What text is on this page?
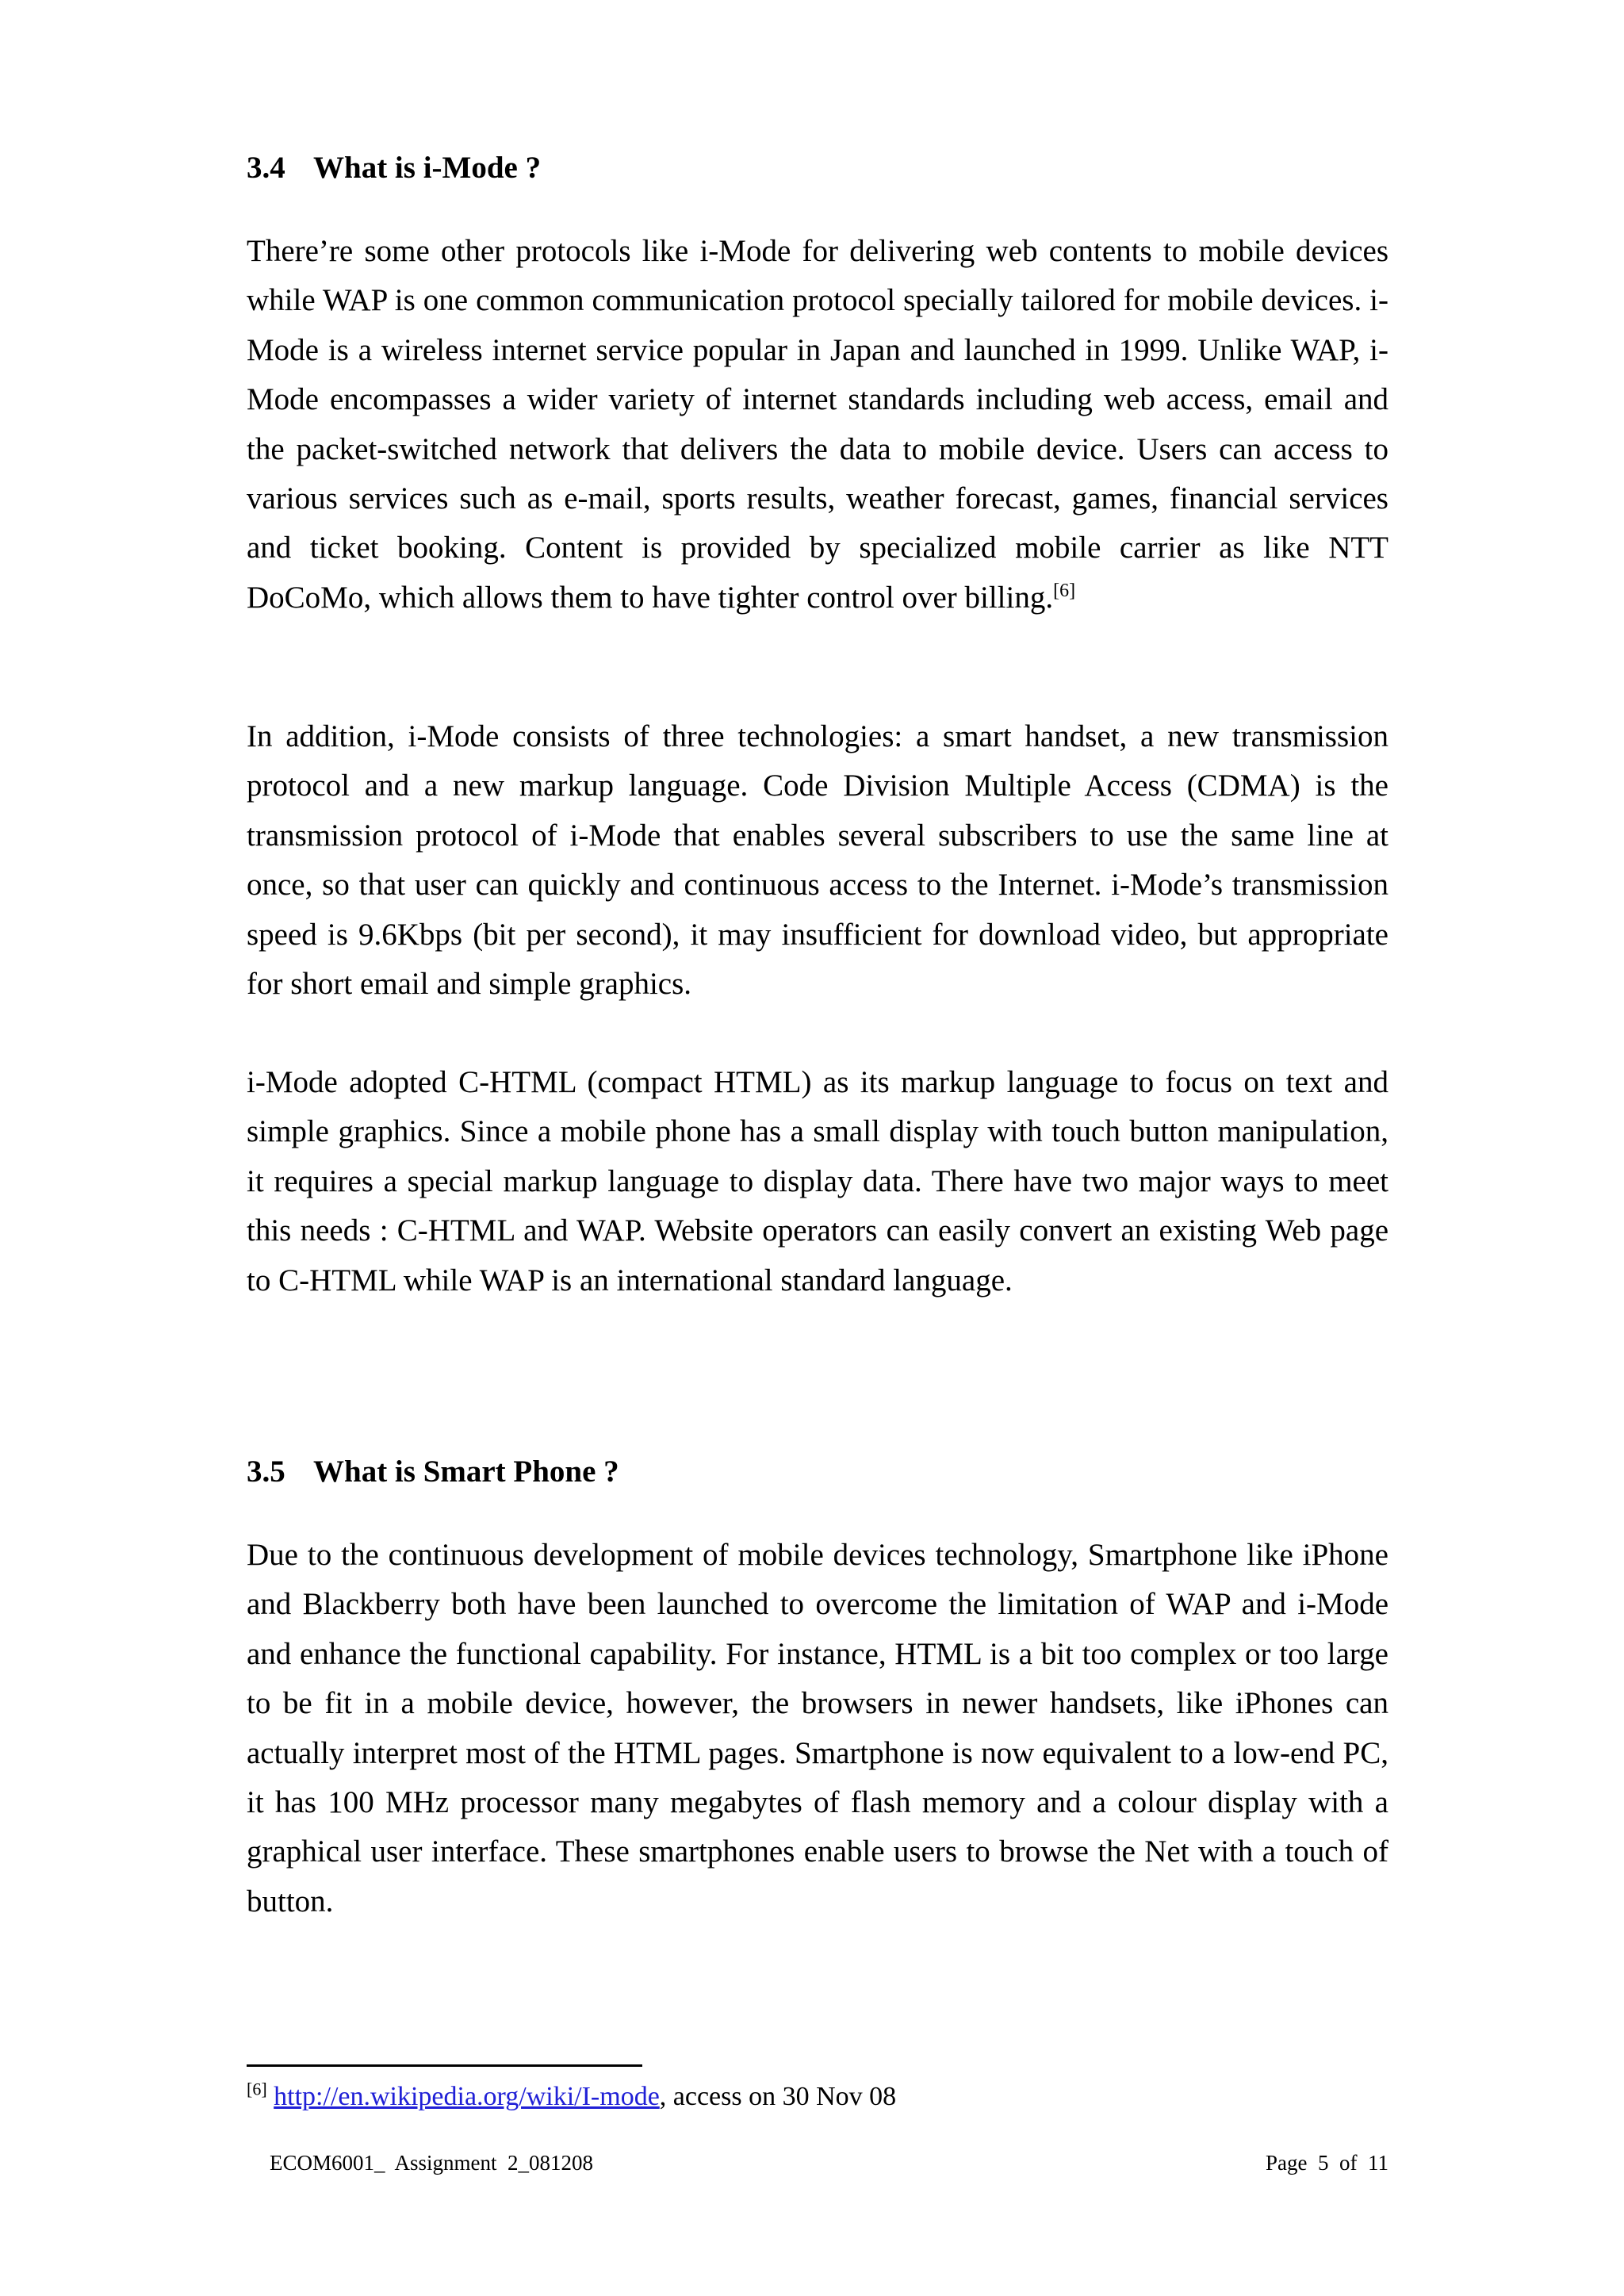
3.4 What is i-Mode ?

There’re some other protocols like i-Mode for delivering web contents to mobile devices while WAP is one common communication protocol specially tailored for mobile devices. i-Mode is a wireless internet service popular in Japan and launched in 1999. Unlike WAP, i-Mode encompasses a wider variety of internet standards including web access, email and the packet-switched network that delivers the data to mobile device. Users can access to various services such as e-mail, sports results, weather forecast, games, financial services and ticket booking. Content is provided by specialized mobile carrier as like NTT DoCoMo, which allows them to have tighter control over billing.[6]

In addition, i-Mode consists of three technologies: a smart handset, a new transmission protocol and a new markup language. Code Division Multiple Access (CDMA) is the transmission protocol of i-Mode that enables several subscribers to use the same line at once, so that user can quickly and continuous access to the Internet. i-Mode’s transmission speed is 9.6Kbps (bit per second), it may insufficient for download video, but appropriate for short email and simple graphics.

i-Mode adopted C-HTML (compact HTML) as its markup language to focus on text and simple graphics. Since a mobile phone has a small display with touch button manipulation, it requires a special markup language to display data. There have two major ways to meet this needs : C-HTML and WAP. Website operators can easily convert an existing Web page to C-HTML while WAP is an international standard language.

3.5 What is Smart Phone ?

Due to the continuous development of mobile devices technology, Smartphone like iPhone and Blackberry both have been launched to overcome the limitation of WAP and i-Mode and enhance the functional capability. For instance, HTML is a bit too complex or too large to be fit in a mobile device, however, the browsers in newer handsets, like iPhones can actually interpret most of the HTML pages. Smartphone is now equivalent to a low-end PC, it has 100 MHz processor many megabytes of flash memory and a colour display with a graphical user interface. These smartphones enable users to browse the Net with a touch of button.

[6] http://en.wikipedia.org/wiki/I-mode, access on 30 Nov 08
ECOM6001_  Assignment  2_081208	Page  5  of  11
